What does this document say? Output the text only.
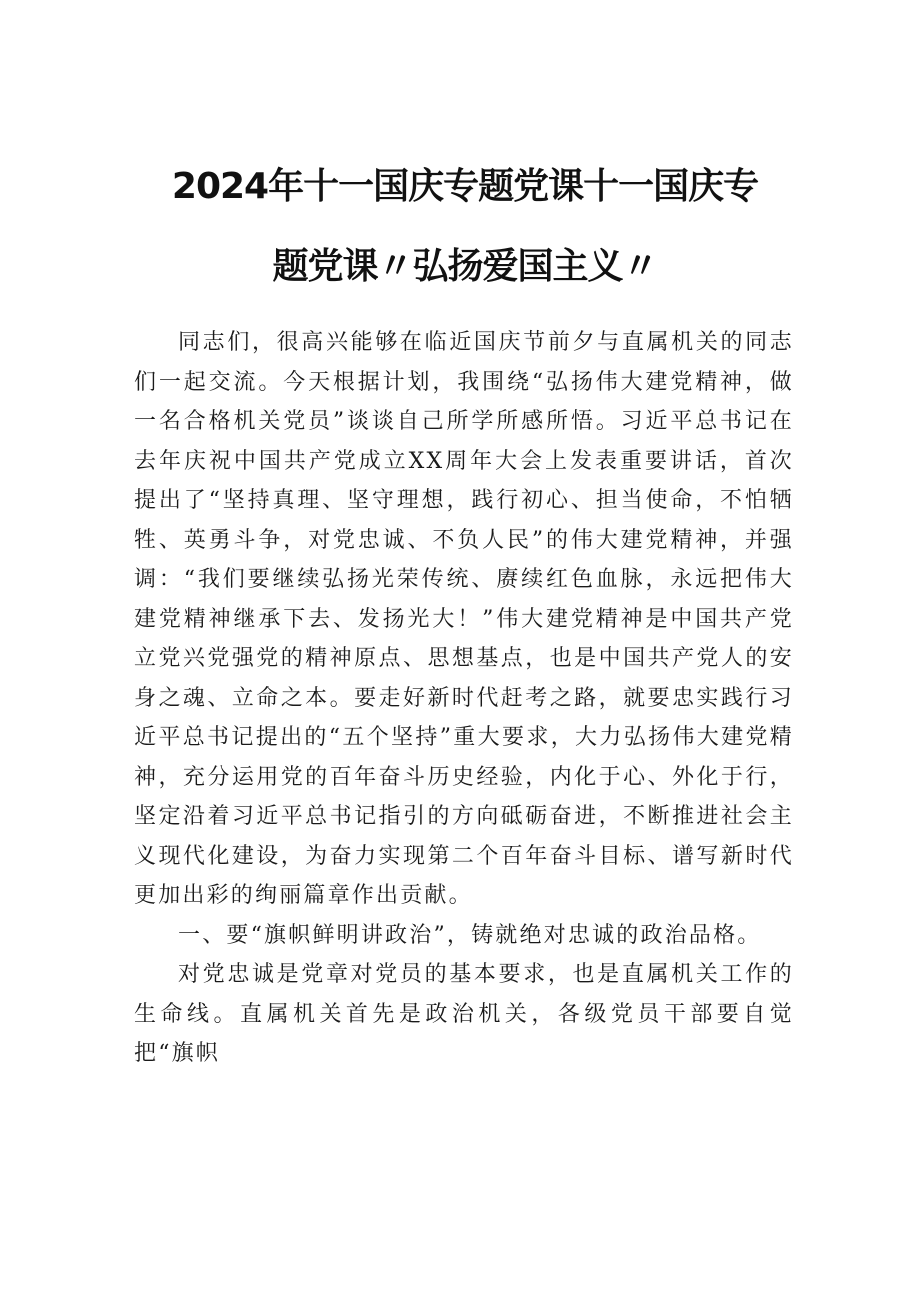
2024年十一国庆专题党课十一国庆专
题党课〃弘扬爱国主义〃

同志们，很高兴能够在临近国庆节前夕与直属机关的同志们一起交流。今天根据计划，我围绕“弘扬伟大建党精神，做一名合格机关党员”谈谈自己所学所感所悟。习近平总书记在去年庆祝中国共产党成立XX周年大会上发表重要讲话，首次提出了“坚持真理、坚守理想，践行初心、担当使命，不怕牺牲、英勇斗争，对党忠诚、不负人民”的伟大建党精神，并强调：“我们要继续弘扬光荣传统、赓续红色血脉，永远把伟大建党精神继承下去、发扬光大！”伟大建党精神是中国共产党立党兴党强党的精神原点、思想基点，也是中国共产党人的安身之魂、立命之本。要走好新时代赶考之路，就要忠实践行习近平总书记提出的“五个坚持”重大要求，大力弘扬伟大建党精神，充分运用党的百年奋斗历史经验，内化于心、外化于行，坚定沿着习近平总书记指引的方向砥砺奋进，不断推进社会主义现代化建设，为奋力实现第二个百年奋斗目标、谱写新时代更加出彩的绚丽篇章作出贡献。

一、要“旗帜鲜明讲政治”，铸就绝对忠诚的政治品格。

对党忠诚是党章对党员的基本要求，也是直属机关工作的生命线。直属机关首先是政治机关，各级党员干部要自觉把“旗帜
